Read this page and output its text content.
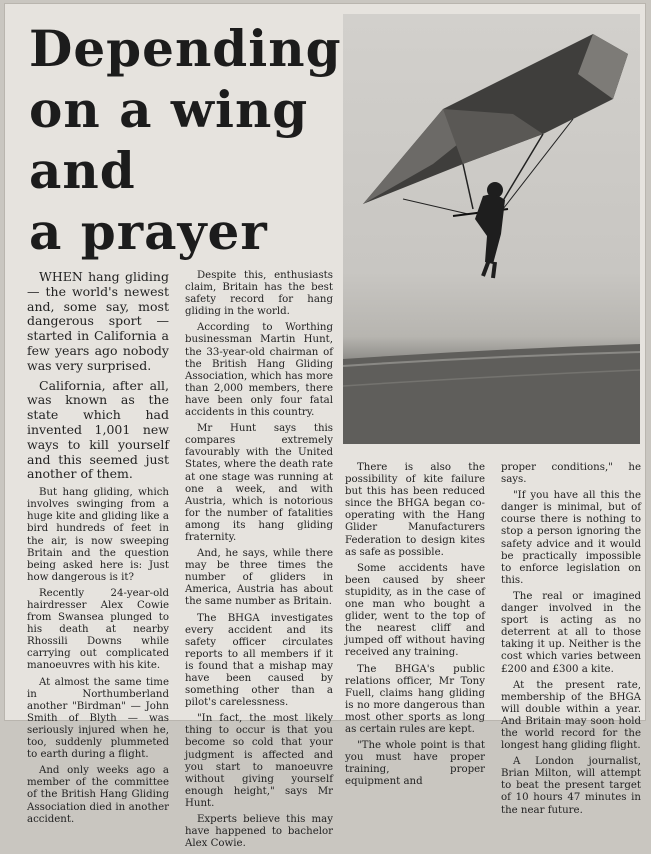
Depending
on a wing
and
a prayer

WHEN hang gliding — the world's newest and, some say, most dangerous sport — started in California a few years ago nobody was very surprised.

California, after all, was known as the state which had invented 1,001 new ways to kill yourself and this seemed just another of them.

But hang gliding, which involves swinging from a huge kite and gliding like a bird hundreds of feet in the air, is now sweeping Britain and the question being asked here is: Just how dangerous is it?

Recently 24-year-old hairdresser Alex Cowie from Swansea plunged to his death at nearby Rhossili Downs while carrying out complicated manoeuvres with his kite.

At almost the same time in Northumberland another "Birdman" — John Smith of Blyth — was seriously injured when he, too, suddenly plummeted to earth during a flight.

And only weeks ago a member of the committee of the British Hang Gliding Association died in another accident.

Despite this, enthusiasts claim, Britain has the best safety record for hang gliding in the world.

According to Worthing businessman Martin Hunt, the 33-year-old chairman of the British Hang Gliding Association, which has more than 2,000 members, there have been only four fatal accidents in this country.

Mr Hunt says this compares extremely favourably with the United States, where the death rate at one stage was running at one a week, and with Austria, which is notorious for the number of fatalities among its hang gliding fraternity.

And, he says, while there may be three times the number of gliders in America, Austria has about the same number as Britain.

The BHGA investigates every accident and its safety officer circulates reports to all members if it is found that a mishap may have been caused by something other than a pilot's carelessness.

"In fact, the most likely thing to occur is that you become so cold that your judgment is affected and you start to manoeuvre without giving yourself enough height," says Mr Hunt.

Experts believe this may have happened to bachelor Alex Cowie.

There is also the possibility of kite failure but this has been reduced since the BHGA began co-operating with the Hang Glider Manufacturers Federation to design kites as safe as possible.

Some accidents have been caused by sheer stupidity, as in the case of one man who bought a glider, went to the top of the nearest cliff and jumped off without having received any training.

The BHGA's public relations officer, Mr Tony Fuell, claims hang gliding is no more dangerous than most other sports as long as certain rules are kept.

"The whole point is that you must have proper training, proper equipment and

proper conditions," he says.

"If you have all this the danger is minimal, but of course there is nothing to stop a person ignoring the safety advice and it would be practically impossible to enforce legislation on this.

The real or imagined danger involved in the sport is acting as no deterrent at all to those taking it up. Neither is the cost which varies between £200 and £300 a kite.

At the present rate, membership of the BHGA will double within a year. And Britain may soon hold the world record for the longest hang gliding flight.

A London journalist, Brian Milton, will attempt to beat the present target of 10 hours 47 minutes in the near future.
